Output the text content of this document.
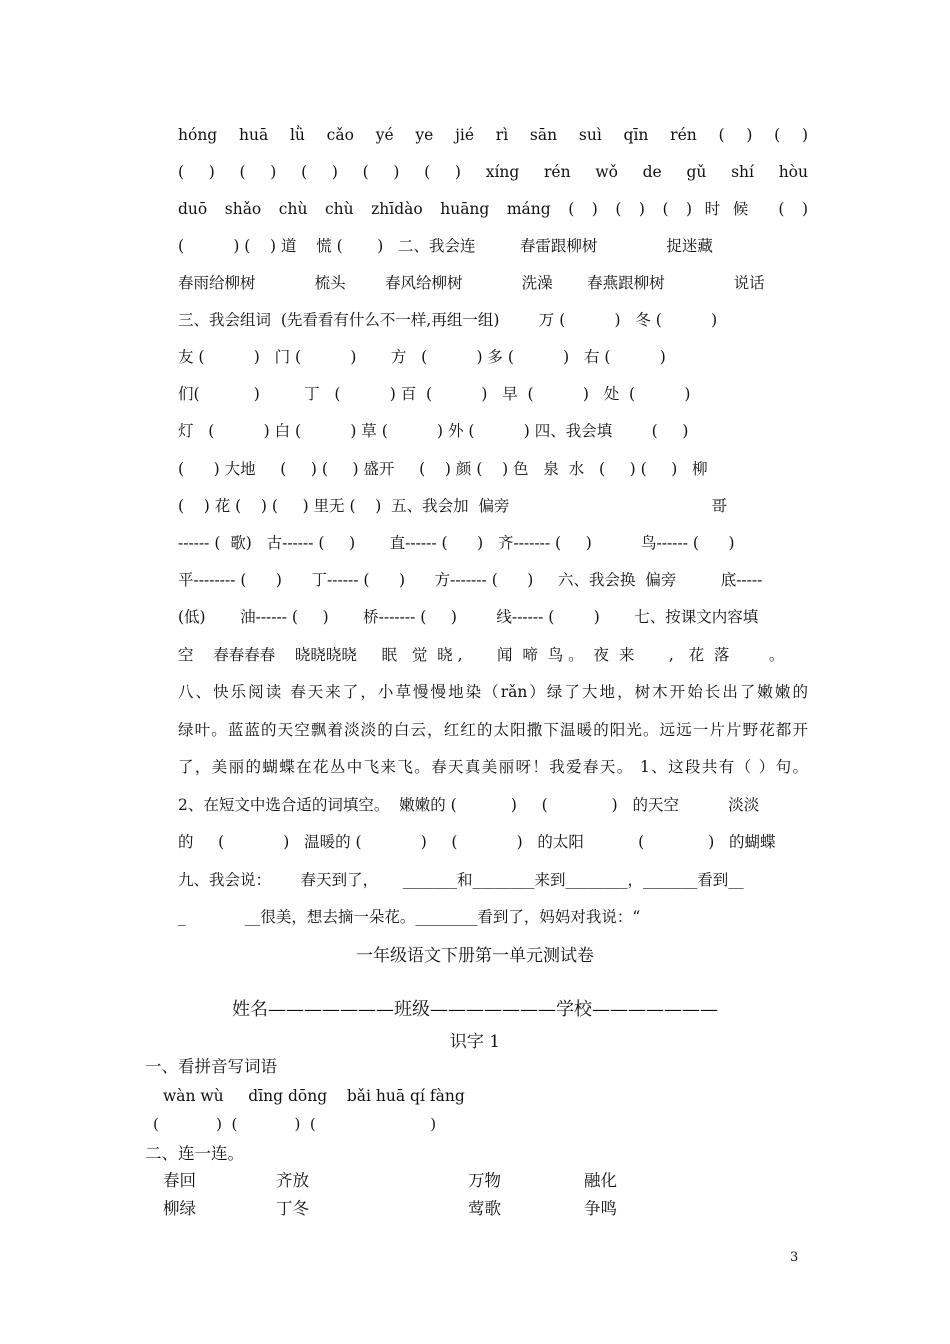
hóng huā lǜ cǎo yé ye jié rì sān suì qīn rén ( ) ( )
( ) ( ) ( ) ( ) ( ) xíng rén wǒ de gǔ shí hòu
duō shǎo chù chù zhīdào huāng máng ( ) ( ) ( )时候 ( )
(          ) (    ) 道    慌 (       )   二、我会连         春雷跟柳树              捉迷藏
春雨给柳树            梳头        春风给柳树            洗澡       春燕跟柳树              说话
三、我会组词  (先看看有什么不一样,再组一组)        万 (          )   冬 (          )
友 (          )   门 (          )       方   (          ) 多 (          )   右 (          )
们(           )         丁   (          ) 百  (          )   早  (          )   处  (          )
灯   (          ) 白 (          ) 草 (          ) 外 (          ) 四、我会填        (     )
(      ) 大地     (     ) (     ) 盛开     (    ) 颜 (    ) 色   泉  水   (     ) (     )   柳
(    ) 花 (    ) (     ) 里无 (    )  五、我会加  偏旁                                         哥
------ (  歌)   古------ (     )       直------ (      )   齐------- (     )          鸟------ (      )
平-------- (      )      丁------ (      )      方------- (      )     六、我会换  偏旁         底-----
(低)       油------ (     )       桥------- (     )        线------ (        )       七、按课文内容填
空    春春春春    晓晓晓晓     眠   觉  晓 ,       闻  啼  鸟 。  夜  来       ,   花  落        。
八、快乐阅读 春天来了，小草慢慢地染（rǎn）绿了大地，树木开始长出了嫩嫩的
绿叶。蓝蓝的天空飘着淡淡的白云，红红的太阳撒下温暖的阳光。远远一片片野花都开
了，美丽的蝴蝶在花丛中飞来飞。春天真美丽呀！我爱春天。 1、这段共有（ ）句。
2、在短文中选合适的词填空。  嫩嫩的 (           )     (             )   的天空          淡淡
的     (            )   温暖的 (            )     (            )   的太阳           (             )   的蝴蝶
九、我会说：      春天到了，     _______和________来到________，_______看到__
_            __很美，想去摘一朵花。________看到了，妈妈对我说：“
一年级语文下册第一单元测试卷
姓名———————班级———————学校———————
识字 1
一、看拼音写词语
wàn wù     dīng dōng    bǎi huā qí fàng
(            )  (            )  (                        )
二、连一连。
春回	齐放	万物	融化
柳绿	丁冬	莺歌	争鸣
3
